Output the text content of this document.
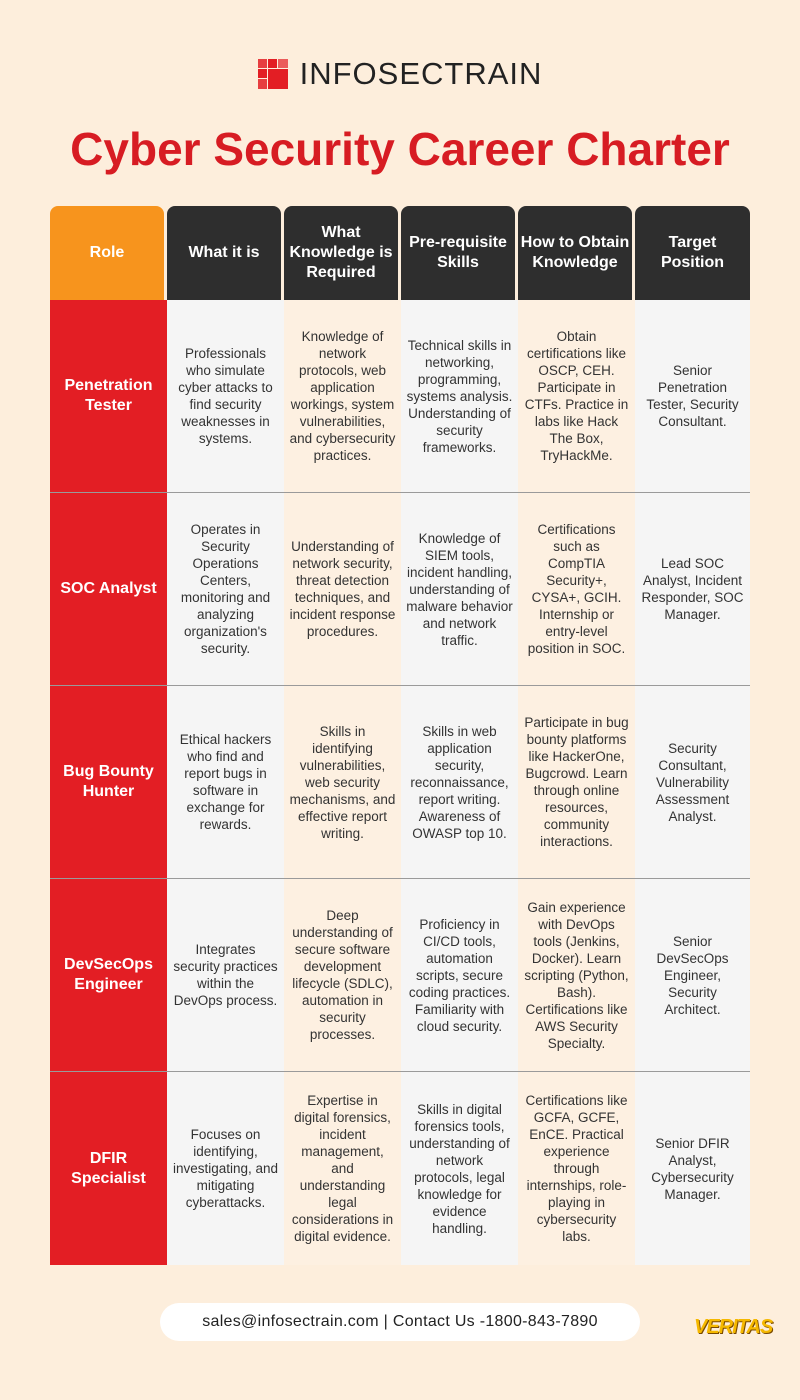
INFOSECTRAIN
Cyber Security Career Charter
Role	What it is
What Knowledge is Required
Pre-requisite Skills
How to Obtain Knowledge
Target Position
Penetration Tester
Professionals who simulate cyber attacks to find security weaknesses in systems.
Knowledge of network protocols, web application workings, system vulnerabilities, and cybersecurity practices.
Technical skills in networking, programming, systems analysis. Understanding of security frameworks.
Obtain certifications like OSCP, CEH. Participate in CTFs. Practice in labs like Hack The Box, TryHackMe.
Senior Penetration Tester, Security Consultant.
SOC Analyst
Operates in Security Operations Centers, monitoring and analyzing organization's security.
Understanding of network security, threat detection techniques, and incident response procedures.
Knowledge of SIEM tools, incident handling, understanding of malware behavior and network traffic.
Certifications such as CompTIA Security+, CYSA+, GCIH. Internship or entry-level position in SOC.
Lead SOC Analyst, Incident Responder, SOC Manager.
Bug Bounty Hunter
Ethical hackers who find and report bugs in software in exchange for rewards.
Skills in identifying vulnerabilities, web security mechanisms, and effective report writing.
Skills in web application security, reconnaissance, report writing. Awareness of OWASP top 10.
Participate in bug bounty platforms like HackerOne, Bugcrowd. Learn through online resources, community interactions.
Security Consultant, Vulnerability Assessment Analyst.
DevSecOps Engineer
Integrates security practices within the DevOps process.
Deep understanding of secure software development lifecycle (SDLC), automation in security processes.
Proficiency in CI/CD tools, automation scripts, secure coding practices. Familiarity with cloud security.
Gain experience with DevOps tools (Jenkins, Docker). Learn scripting (Python, Bash). Certifications like AWS Security Specialty.
Senior DevSecOps Engineer, Security Architect.
DFIR Specialist
Focuses on identifying, investigating, and mitigating cyberattacks.
Expertise in digital forensics, incident management, and understanding legal considerations in digital evidence.
Skills in digital forensics tools, understanding of network protocols, legal knowledge for evidence handling.
Certifications like GCFA, GCFE, EnCE. Practical experience through internships, role- playing in cybersecurity labs.
Senior DFIR Analyst, Cybersecurity Manager.
sales@infosectrain.com | Contact Us -1800-843-7890	VERITAS
